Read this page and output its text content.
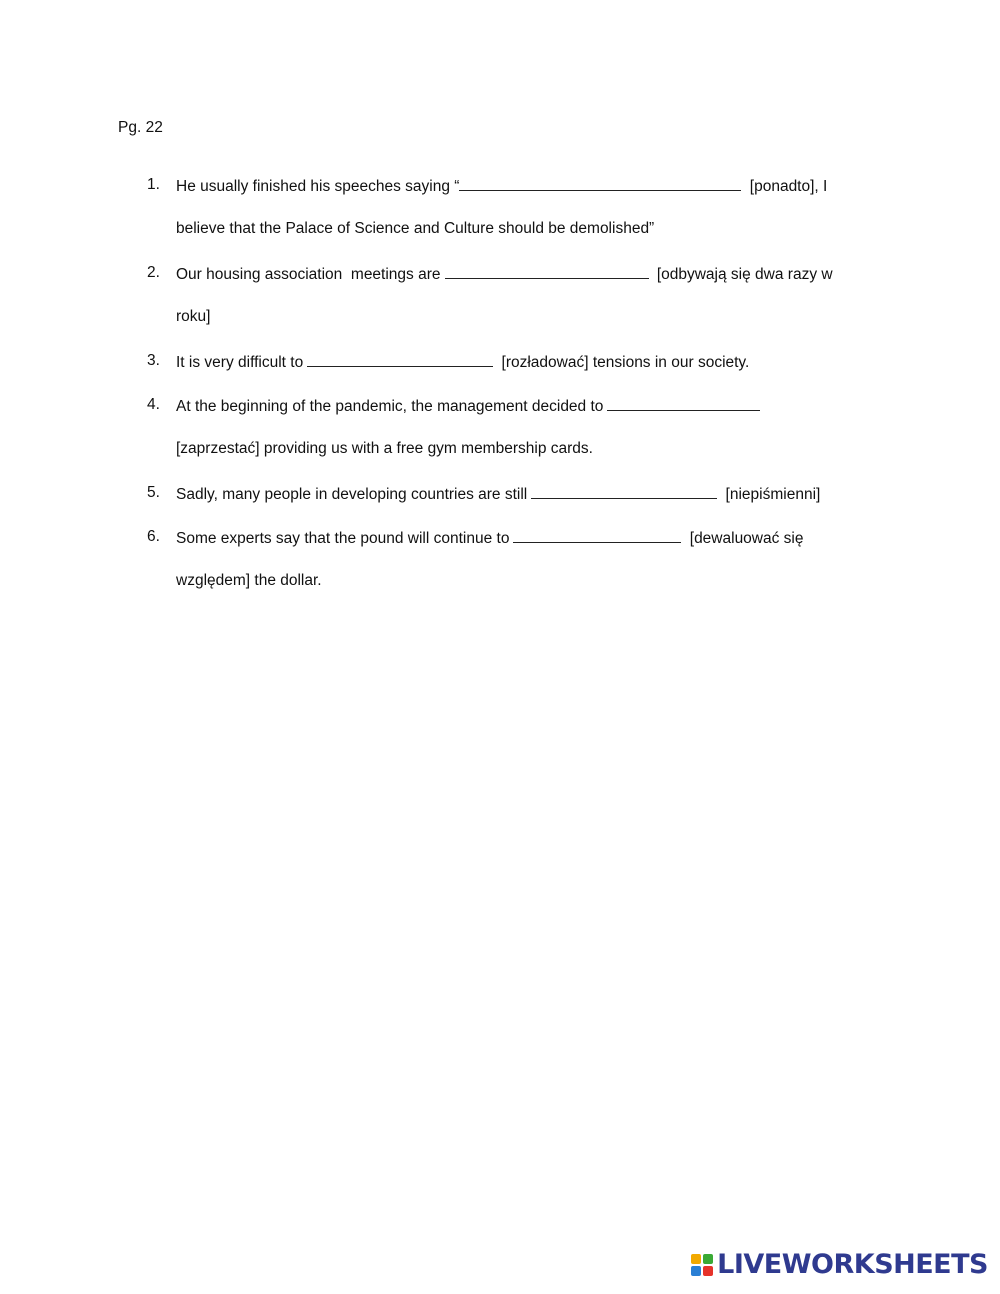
Pg. 22
1. He usually finished his speeches saying “	[ponadto], I
believe that the Palace of Science and Culture should be demolished”
2. Our housing association  meetings are	[odbywają się dwa razy w
roku]
3. It is very difficult to	[rozładować] tensions in our society.
4. At the beginning of the pandemic, the management decided to
[zaprzestać] providing us with a free gym membership cards.
5. Sadly, many people in developing countries are still	[niepiśmienni]
6. Some experts say that the pound will continue to	[dewaluować się
względem] the dollar.
LIVEWORKSHEETS
